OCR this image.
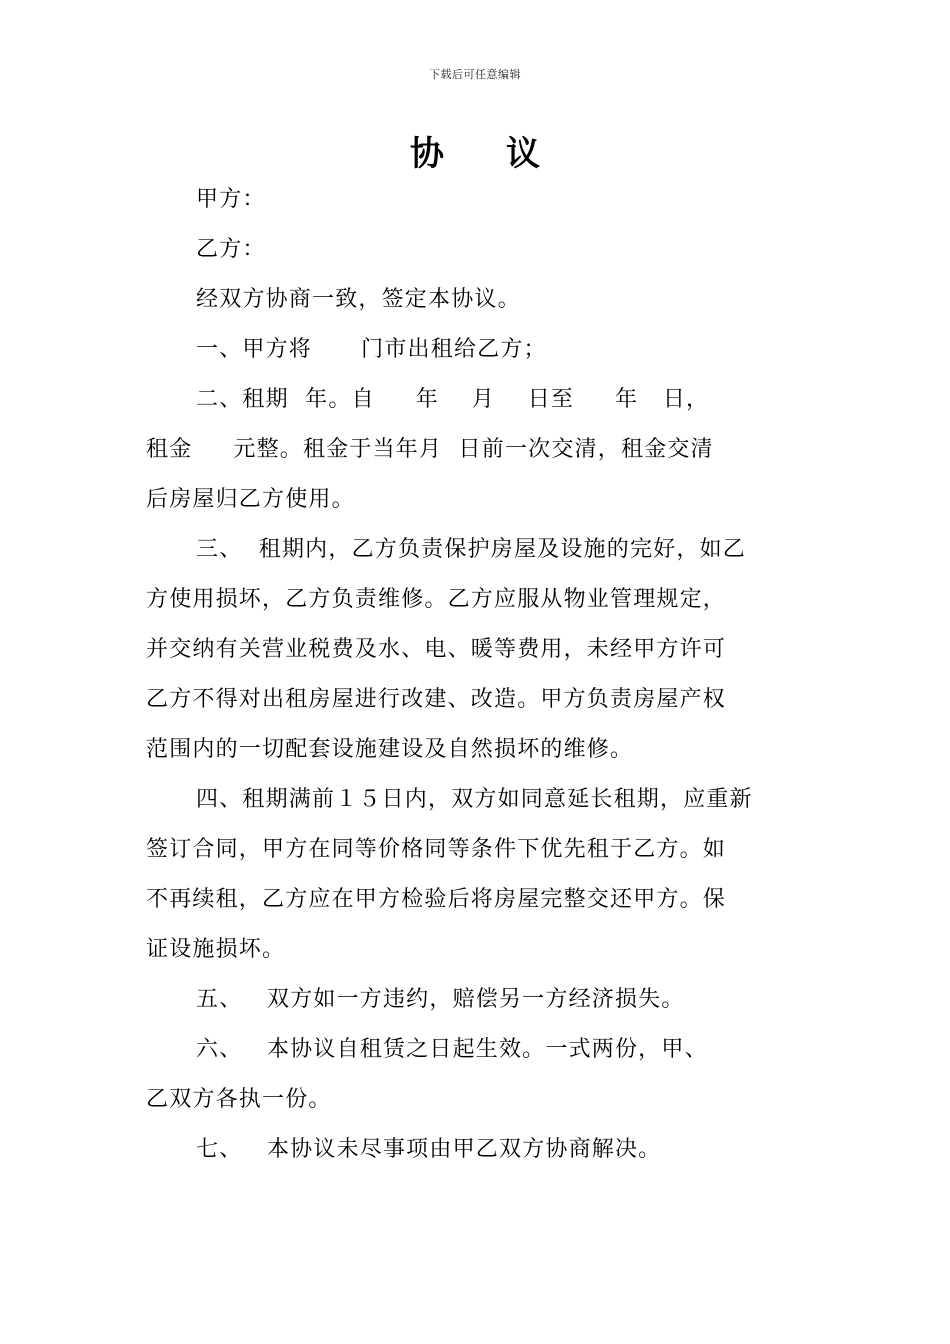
下载后可任意编辑
协议
甲方：
乙方：
经双方协商一致，签定本协议。
一、甲方将      门市出租给乙方；
二、租期  年。自     年    月    日至     年   日，
租金     元整。租金于当年月  日前一次交清，租金交清
后房屋归乙方使用。
三、  租期内，乙方负责保护房屋及设施的完好，如乙
方使用损坏，乙方负责维修。乙方应服从物业管理规定，
并交纳有关营业税费及水、电、暖等费用，未经甲方许可
乙方不得对出租房屋进行改建、改造。甲方负责房屋产权
范围内的一切配套设施建设及自然损坏的维修。
四、租期满前１５日内，双方如同意延长租期，应重新
签订合同，甲方在同等价格同等条件下优先租于乙方。如
不再续租，乙方应在甲方检验后将房屋完整交还甲方。保
证设施损坏。
五、   双方如一方违约，赔偿另一方经济损失。
六、   本协议自租赁之日起生效。一式两份，甲、
乙双方各执一份。
七、   本协议未尽事项由甲乙双方协商解决。
